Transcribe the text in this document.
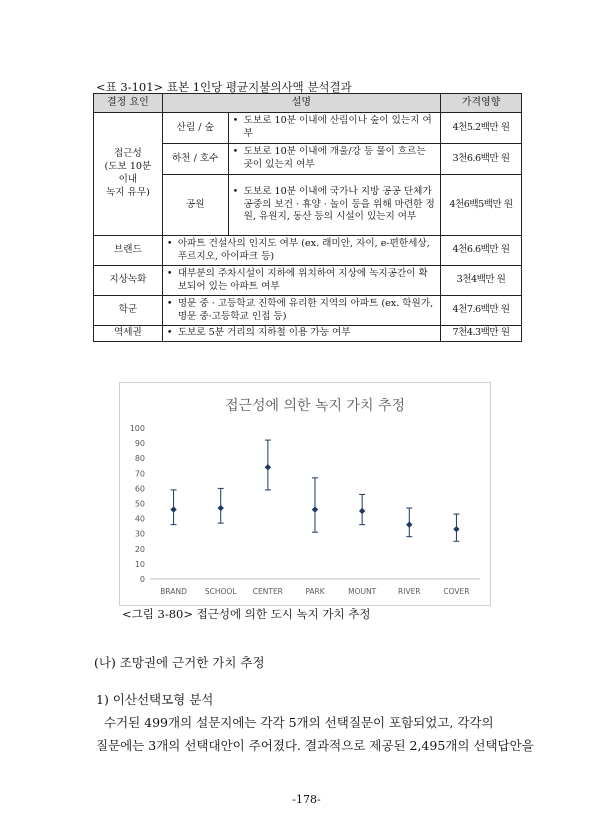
<표 3-101> 표본 1인당 평균지불의사액 분석결과
결정 요인	설명		가격영향
접근성
(도보 10분
이내
녹지 유무)	산림 / 숲	• 도보로 10분 이내에 산림이나 숲이 있는지 여부	4천5.2백만 원
	하천 / 호수	• 도보로 10분 이내에 개울/강 등 물이 흐르는 곳이 있는지 여부	3천6.6백만 원
	공원	• 도보로 10분 이내에 국가나 지방 공공 단체가 공중의 보건 · 휴양 · 놀이 등을 위해 마련한 정원, 유원지, 동산 등의 시설이 있는지 여부	4천6백5백만 원
브랜드	• 아파트 건설사의 인지도 여부 (ex. 래미안, 자이, e-편한세상, 푸르지오, 아이파크 등)		4천6.6백만 원
지상녹화	• 대부분의 주차시설이 지하에 위치하여 지상에 녹지공간이 확보되어 있는 아파트 여부		3천4백만 원
학군	• 명문 중 · 고등학교 진학에 유리한 지역의 아파트 (ex. 학원가, 명문 중·고등학교 인접 등)		4천7.6백만 원
역세권	• 도보로 5분 거리의 지하철 이용 가능 여부		7천4.3백만 원
접근성에 의한 녹지 가치 추정
0
10
20
30
40
50
60
70
80
90
100
BRAND SCHOOL CENTER	PARK	MOUNT	RIVER	COVER
<그림 3-80> 접근성에 의한 도시 녹지 가치 추정
(나) 조망권에 근거한 가치 추정
1) 이산선택모형 분석

수거된 499개의 설문지에는 각각 5개의 선택질문이 포함되었고, 각각의

질문에는 3개의 선택대안이 주어졌다. 결과적으로 제공된 2,495개의 선택답안을

-178-
